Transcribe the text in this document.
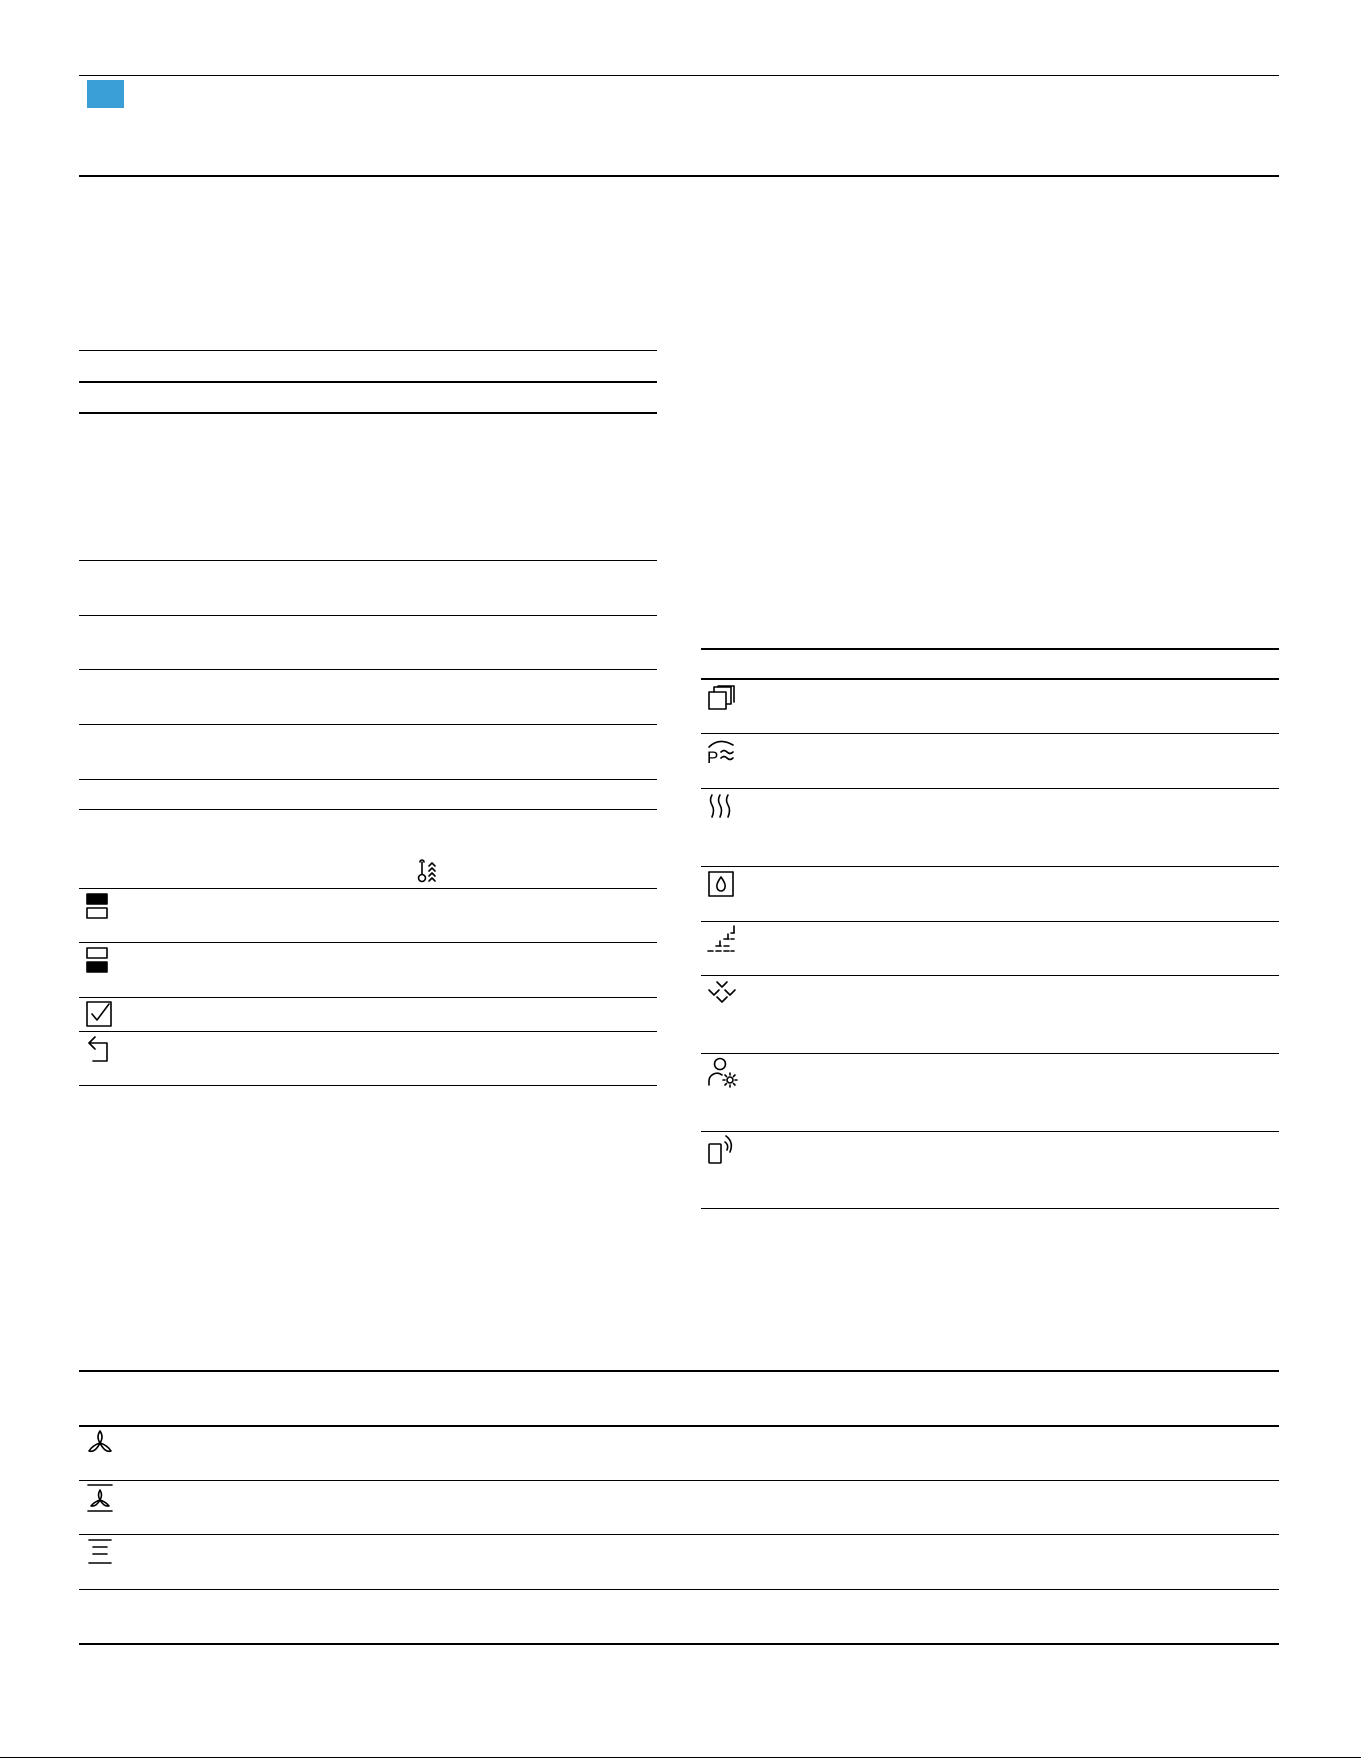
P
